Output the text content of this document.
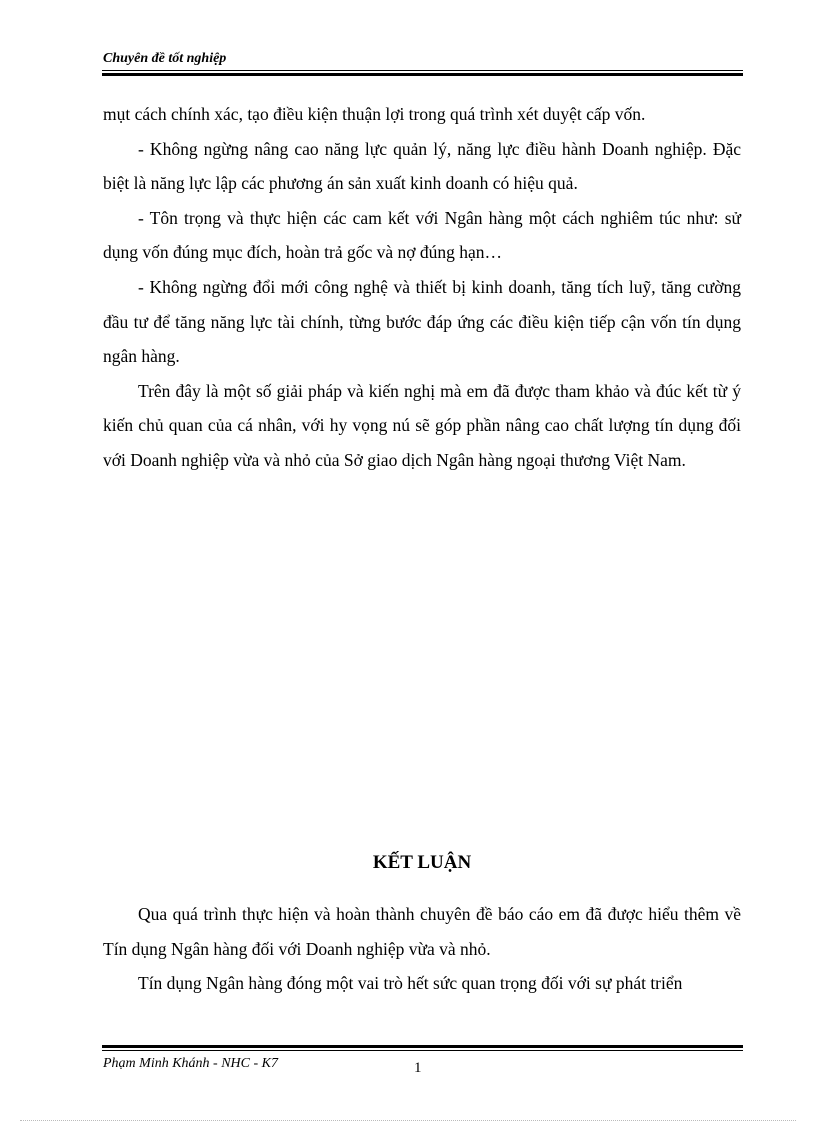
Chuyên đề tốt nghiệp

mụt cách chính xác, tạo điều kiện thuận lợi trong quá trình xét duyệt cấp vốn.

- Không ngừng nâng cao năng lực quản lý, năng lực điều hành Doanh nghiệp. Đặc biệt là năng lực lập các phương án sản xuất kinh doanh có hiệu quả.

- Tôn trọng và thực hiện các cam kết với Ngân hàng một cách nghiêm túc như: sử dụng vốn đúng mục đích, hoàn trả gốc và nợ đúng hạn…

- Không ngừng đổi mới công nghệ và thiết bị kinh doanh, tăng tích luỹ, tăng cường đầu tư để tăng năng lực tài chính, từng bước đáp ứng các điều kiện tiếp cận vốn tín dụng ngân hàng.

Trên đây là một số giải pháp và kiến nghị mà em đã được tham khảo và đúc kết từ ý kiến chủ quan của cá nhân, với hy vọng nú sẽ góp phần nâng cao chất lượng tín dụng đối với Doanh nghiệp vừa và nhỏ của Sở giao dịch Ngân hàng ngoại thương Việt Nam.

KẾT LUẬN

Qua quá trình thực hiện và hoàn thành chuyên đề báo cáo em đã được hiểu thêm về Tín dụng Ngân hàng đối với Doanh nghiệp vừa và nhỏ.

Tín dụng Ngân hàng đóng một vai trò hết sức quan trọng đối với sự phát triển

Phạm Minh Khánh - NHC - K7	1
